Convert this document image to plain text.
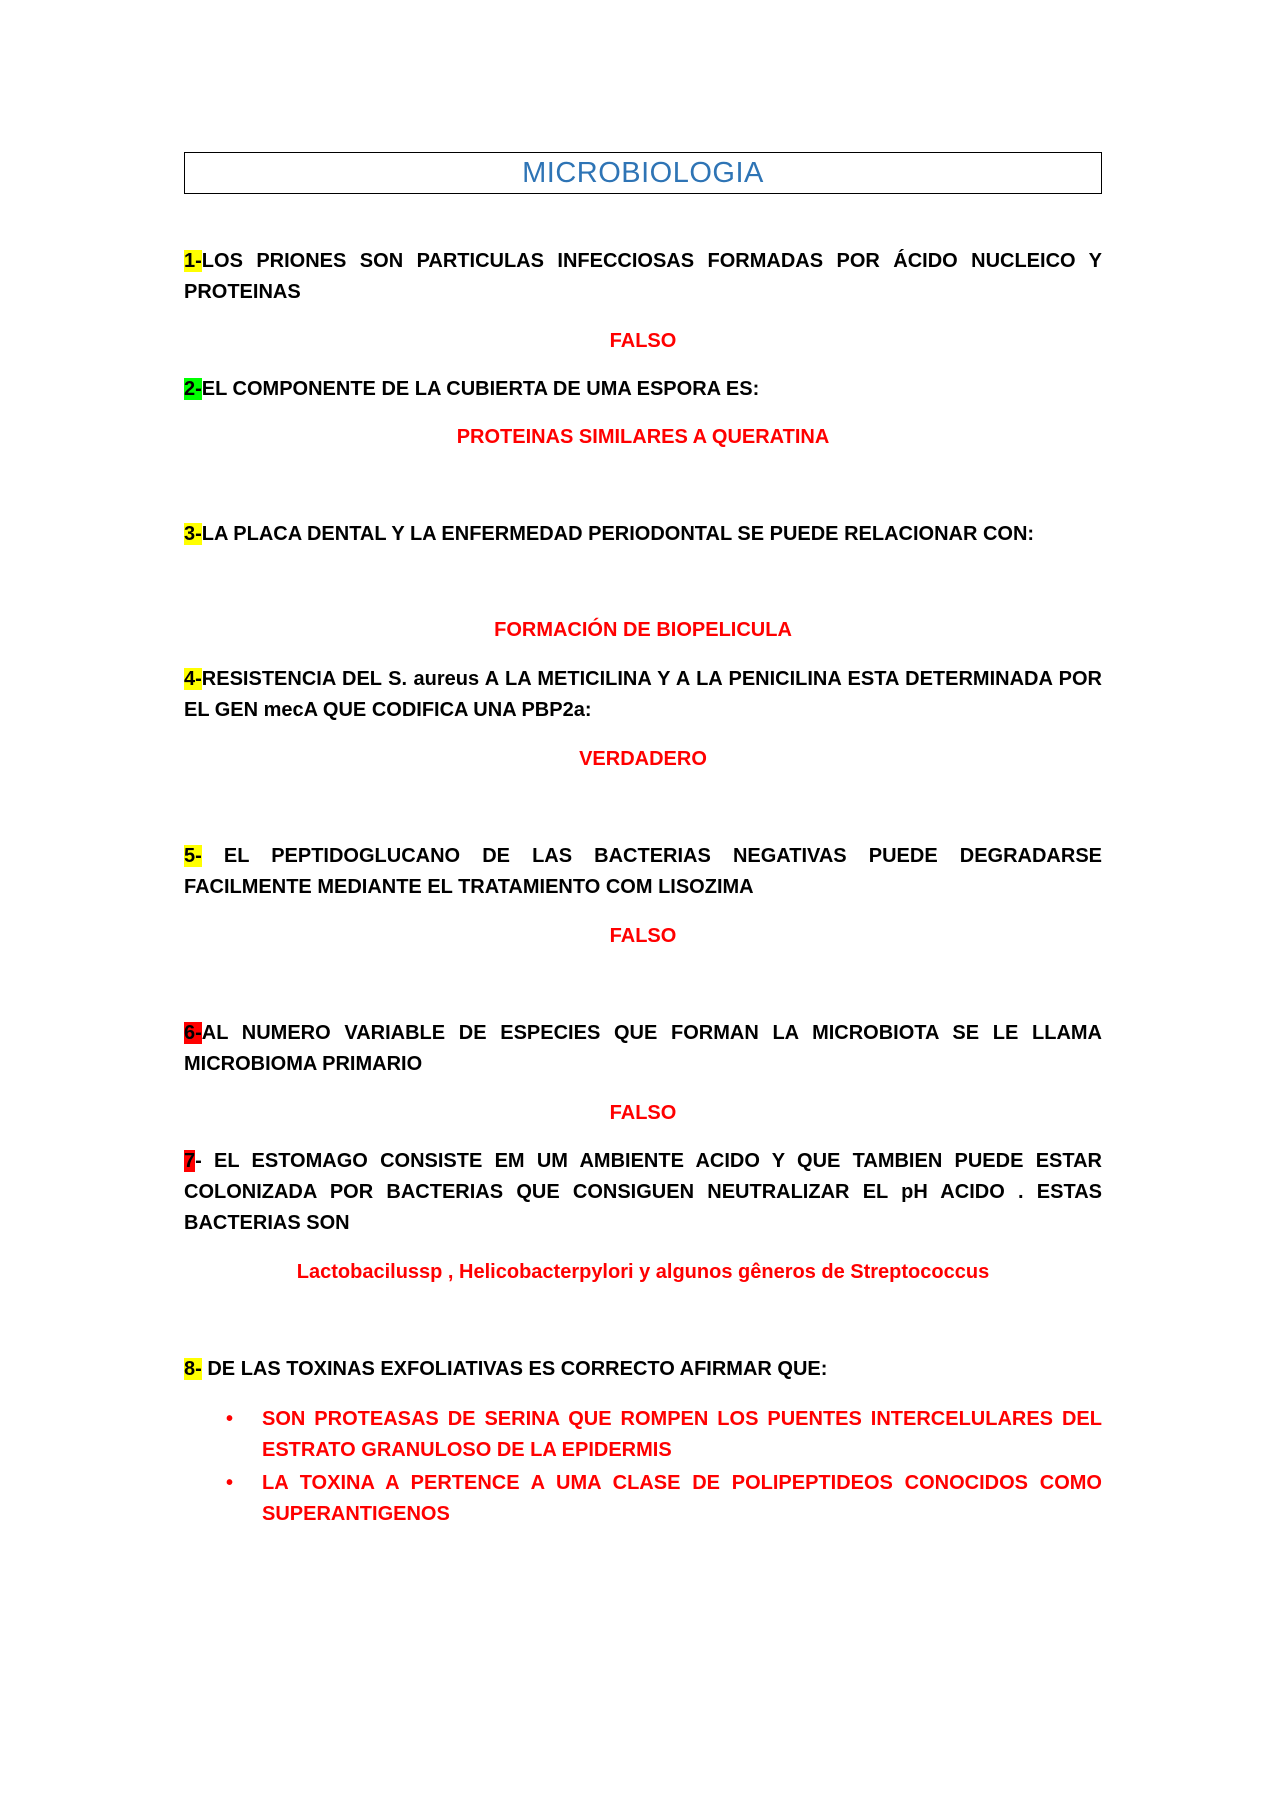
MICROBIOLOGIA

1-LOS PRIONES SON PARTICULAS INFECCIOSAS FORMADAS POR ÁCIDO NUCLEICO Y PROTEINAS

FALSO

2-EL COMPONENTE DE LA CUBIERTA DE UMA ESPORA ES:

PROTEINAS SIMILARES A QUERATINA

3-LA PLACA DENTAL Y LA ENFERMEDAD PERIODONTAL SE PUEDE RELACIONAR CON:

FORMACIÓN DE BIOPELICULA

4-RESISTENCIA DEL S. aureus A LA METICILINA Y A LA PENICILINA ESTA DETERMINADA POR EL GEN mecA QUE CODIFICA UNA PBP2a:

VERDADERO

5- EL PEPTIDOGLUCANO DE LAS BACTERIAS NEGATIVAS PUEDE DEGRADARSE FACILMENTE MEDIANTE EL TRATAMIENTO COM LISOZIMA

FALSO

6-AL NUMERO VARIABLE DE ESPECIES QUE FORMAN LA MICROBIOTA SE LE LLAMA MICROBIOMA PRIMARIO

FALSO

7- EL ESTOMAGO CONSISTE EM UM AMBIENTE ACIDO Y QUE TAMBIEN PUEDE ESTAR COLONIZADA POR BACTERIAS QUE CONSIGUEN NEUTRALIZAR EL pH ACIDO . ESTAS BACTERIAS SON

Lactobacilussp , Helicobacterpylori y algunos gêneros de Streptococcus

8- DE LAS TOXINAS EXFOLIATIVAS ES CORRECTO AFIRMAR QUE:

• SON PROTEASAS DE SERINA QUE ROMPEN LOS PUENTES INTERCELULARES DEL ESTRATO GRANULOSO DE LA EPIDERMIS
• LA TOXINA A PERTENCE A UMA CLASE DE POLIPEPTIDEOS CONOCIDOS COMO SUPERANTIGENOS
